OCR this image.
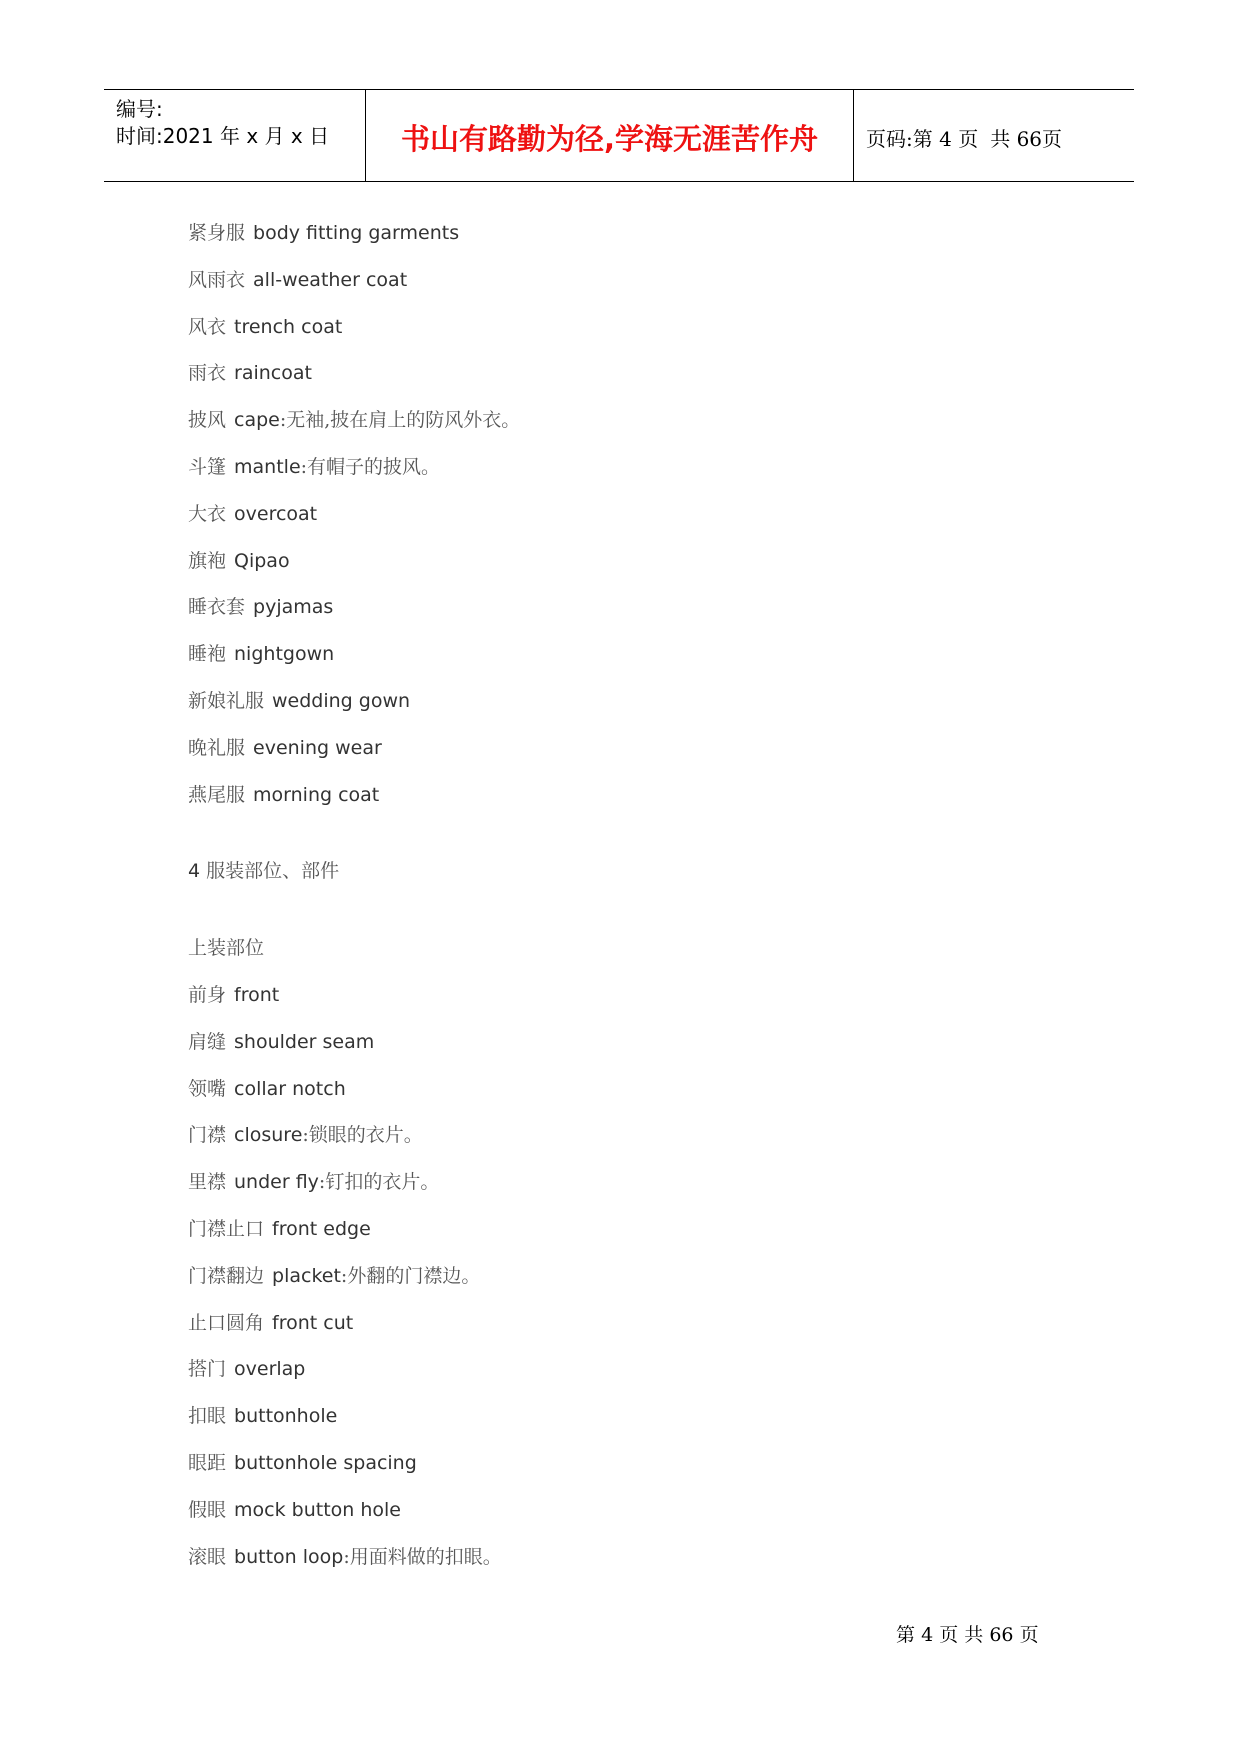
编号:
时间:2021 年 x 月 x 日	书山有路勤为径,学海无涯苦作舟	页码:第 4 页 共 66页
紧身服 body fitting garments
风雨衣 all-weather coat
风衣 trench coat
雨衣 raincoat
披风 cape:无袖,披在肩上的防风外衣。
斗篷 mantle:有帽子的披风。
大衣 overcoat
旗袍 Qipao
睡衣套 pyjamas
睡袍 nightgown
新娘礼服 wedding gown
晚礼服 evening wear
燕尾服 morning coat
4 服装部位、部件
上装部位
前身 front
肩缝 shoulder seam
领嘴 collar notch
门襟 closure:锁眼的衣片。
里襟 under fly:钉扣的衣片。
门襟止口 front edge
门襟翻边 placket:外翻的门襟边。
止口圆角 front cut
搭门 overlap
扣眼 buttonhole
眼距 buttonhole spacing
假眼 mock button hole
滚眼 button loop:用面料做的扣眼。
第 4 页 共 66 页
